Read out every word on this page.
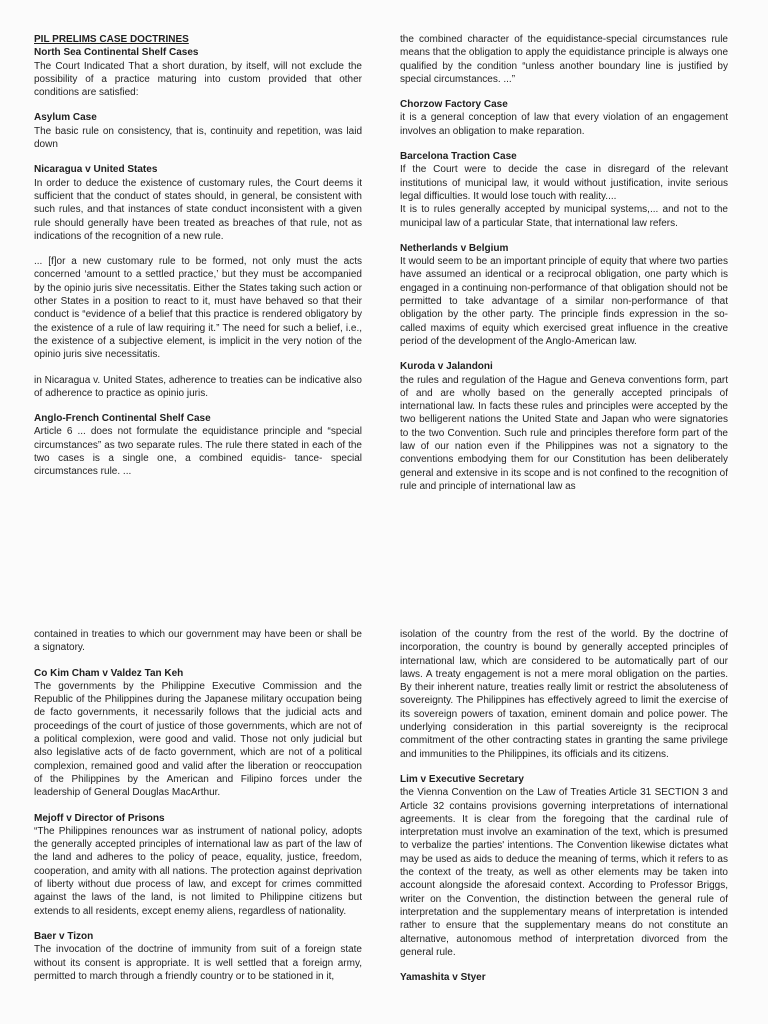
PIL PRELIMS CASE DOCTRINES
North Sea Continental Shelf Cases
The Court Indicated That a short duration, by itself, will not exclude the possibility of a practice maturing into custom provided that other conditions are satisfied:
Asylum Case
The basic rule on consistency, that is, continuity and repetition, was laid down
Nicaragua v United States
In order to deduce the existence of customary rules, the Court deems it sufficient that the conduct of states should, in general, be consistent with such rules, and that instances of state conduct inconsistent with a given rule should generally have been treated as breaches of that rule, not as indications of the recognition of a new rule.
... [f]or a new customary rule to be formed, not only must the acts concerned ‘amount to a settled practice,’ but they must be accompanied by the opinio juris sive necessitatis. Either the States taking such action or other States in a position to react to it, must have behaved so that their conduct is “evidence of a belief that this practice is rendered obligatory by the existence of a rule of law requiring it.” The need for such a belief, i.e., the existence of a subjective element, is implicit in the very notion of the opinio juris sive necessitatis.
in Nicaragua v. United States, adherence to treaties can be indicative also of adherence to practice as opinio juris.
Anglo-French Continental Shelf Case
Article 6 ... does not formulate the equidistance principle and “special circumstances” as two separate rules. The rule there stated in each of the two cases is a single one, a combined equidis- tance- special circumstances rule. ...
the combined character of the equidistance-special circumstances rule means that the obligation to apply the equidistance principle is always one qualified by the condition “unless another boundary line is justified by special circumstances. ...”
Chorzow Factory Case
it is a general conception of law that every violation of an engagement involves an obligation to make reparation.
Barcelona Traction Case
If the Court were to decide the case in disregard of the relevant institutions of municipal law, it would without justification, invite serious legal difficulties. It would lose touch with reality....
It is to rules generally accepted by municipal systems,... and not to the municipal law of a particular State, that international law refers.
Netherlands v Belgium
It would seem to be an important principle of equity that where two parties have assumed an identical or a reciprocal obligation, one party which is engaged in a continuing non-performance of that obligation should not be permitted to take advantage of a similar non-performance of that obligation by the other party. The principle finds expression in the so-called maxims of equity which exercised great influence in the creative period of the development of the Anglo-American law.
Kuroda v Jalandoni
the rules and regulation of the Hague and Geneva conventions form, part of and are wholly based on the generally accepted principals of international law. In facts these rules and principles were accepted by the two belligerent nations the United State and Japan who were signatories to the two Convention. Such rule and principles therefore form part of the law of our nation even if the Philippines was not a signatory to the conventions embodying them for our Constitution has been deliberately general and extensive in its scope and is not confined to the recognition of rule and principle of international law as
contained in treaties to which our government may have been or shall be a signatory.
Co Kim Cham v Valdez Tan Keh
The governments by the Philippine Executive Commission and the Republic of the Philippines during the Japanese military occupation being de facto governments, it necessarily follows that the judicial acts and proceedings of the court of justice of those governments, which are not of a political complexion, were good and valid. Those not only judicial but also legislative acts of de facto government, which are not of a political complexion, remained good and valid after the liberation or reoccupation of the Philippines by the American and Filipino forces under the leadership of General Douglas MacArthur.
Mejoff v Director of Prisons
“The Philippines renounces war as instrument of national policy, adopts the generally accepted principles of international law as part of the law of the land and adheres to the policy of peace, equality, justice, freedom, cooperation, and amity with all nations. The protection against deprivation of liberty without due process of law, and except for crimes committed against the laws of the land, is not limited to Philippine citizens but extends to all residents, except enemy aliens, regardless of nationality.
Baer v Tizon
The invocation of the doctrine of immunity from suit of a foreign state without its consent is appropriate. It is well settled that a foreign army, permitted to march through a friendly country or to be stationed in it,
isolation of the country from the rest of the world. By the doctrine of incorporation, the country is bound by generally accepted principles of international law, which are considered to be automatically part of our laws. A treaty engagement is not a mere moral obligation on the parties. By their inherent nature, treaties really limit or restrict the absoluteness of sovereignty. The Philippines has effectively agreed to limit the exercise of its sovereign powers of taxation, eminent domain and police power. The underlying consideration in this partial sovereignty is the reciprocal commitment of the other contracting states in granting the same privilege and immunities to the Philippines, its officials and its citizens.
Lim v Executive Secretary
the Vienna Convention on the Law of Treaties Article 31 SECTION 3 and Article 32 contains provisions governing interpretations of international agreements. It is clear from the foregoing that the cardinal rule of interpretation must involve an examination of the text, which is presumed to verbalize the parties' intentions. The Convention likewise dictates what may be used as aids to deduce the meaning of terms, which it refers to as the context of the treaty, as well as other elements may be taken into account alongside the aforesaid context. According to Professor Briggs, writer on the Convention, the distinction between the general rule of interpretation and the supplementary means of interpretation is intended rather to ensure that the supplementary means do not constitute an alternative, autonomous method of interpretation divorced from the general rule.
Yamashita v Styer
